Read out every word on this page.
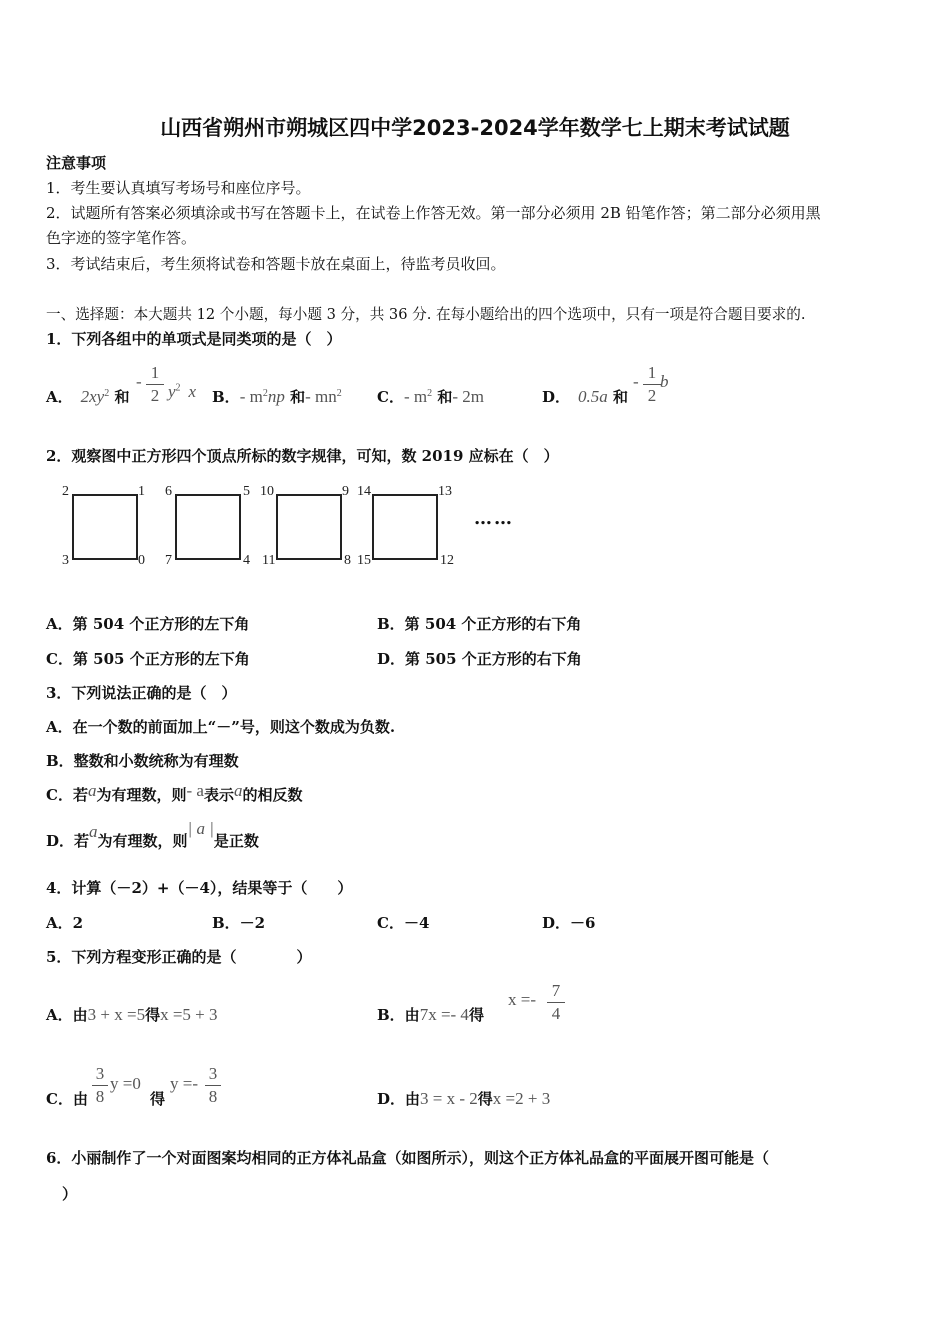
山西省朔州市朔城区四中学2023-2024学年数学七上期末考试试题
注意事项
1．考生要认真填写考场号和座位序号。
2．试题所有答案必须填涂或书写在答题卡上，在试卷上作答无效。第一部分必须用 2B 铅笔作答；第二部分必须用黑
色字迹的签字笔作答。
3．考试结束后，考生须将试卷和答题卡放在桌面上，待监考员收回。
一、选择题：本大题共 12 个小题，每小题 3 分，共 36 分. 在每小题给出的四个选项中，只有一项是符合题目要求的.
1．下列各组中的单项式是同类项的是（　）
A． $2xy^2$ 和
- 1
2 $y^2$ x B．- $m^2np$ 和- $mn^2$ C．- $m^2$ 和- 2m	D． 0.5a 和
- 1
2
b
2．观察图中正方形四个顶点所标的数字规律，可知，数 2019 应标在（　）
2	1
3	0
6	5
7	4
10	9
11	8
14	13
15	12
……
A．第 504 个正方形的左下角	B．第 504 个正方形的右下角
C．第 505 个正方形的左下角	D．第 505 个正方形的右下角
3．下列说法正确的是（　）
A．在一个数的前面加上“－”号，则这个数成为负数.
B．整数和小数统称为有理数
C．若a为有理数，则- a表示a的相反数
D．若a为有理数，则| a |是正数
4．计算（－2）+（－4），结果等于（　　）
A．2	B．－2	C．－4	D．－6
5．下列方程变形正确的是（　　　　）
A．由3 + x =5得x =5 + 3	B．由7x =- 4得
x =- 7
4
C．由
3
8
y =0
得
y =-
3
8	D．由3 = x - 2得x =2 + 3
6．小丽制作了一个对面图案均相同的正方体礼品盒（如图所示），则这个正方体礼品盒的平面展开图可能是（
）
